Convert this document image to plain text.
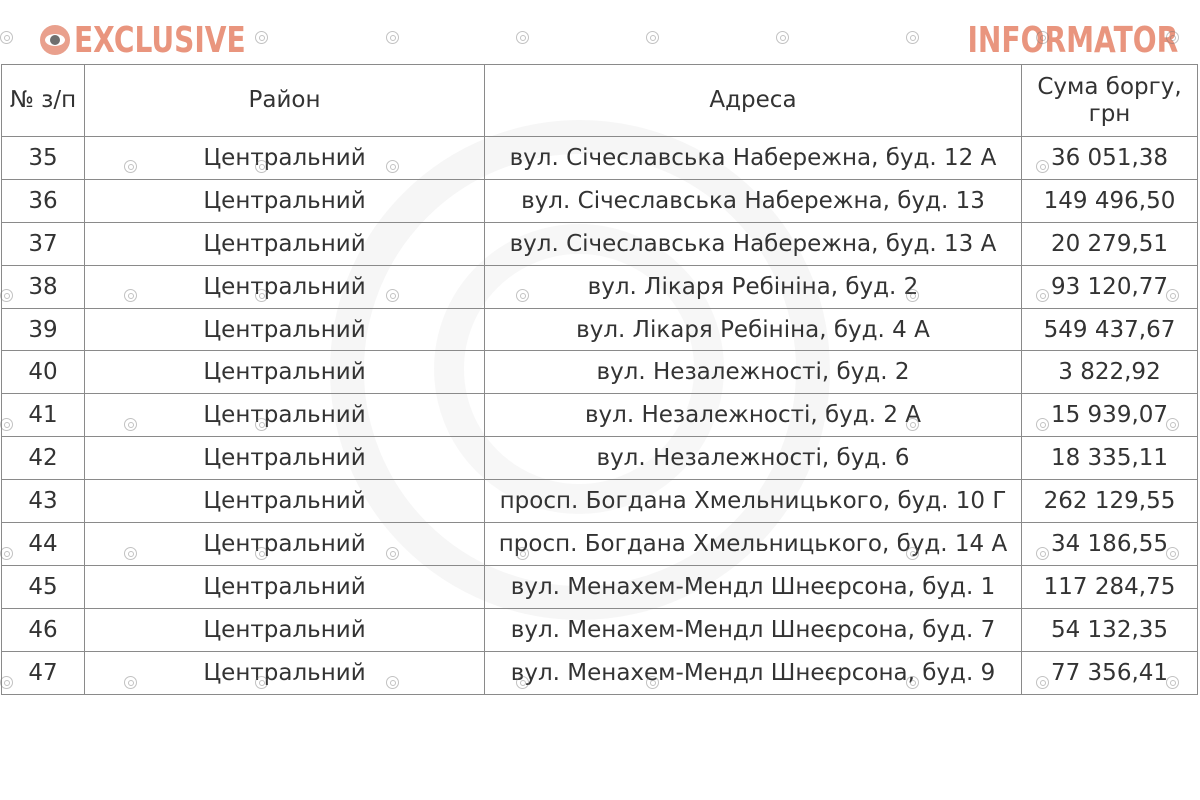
EXCLUSIVE	INFORMATOR
№ з/п	Район	Адреса	Сума боргу, грн
35	Центральний	вул. Січеславська Набережна, буд. 12 А	36 051,38
36	Центральний	вул. Січеславська Набережна, буд. 13	149 496,50
37	Центральний	вул. Січеславська Набережна, буд. 13 А	20 279,51
38	Центральний	вул. Лікаря Ребініна, буд. 2	93 120,77
39	Центральний	вул. Лікаря Ребініна, буд. 4 А	549 437,67
40	Центральний	вул. Незалежності, буд. 2	3 822,92
41	Центральний	вул. Незалежності, буд. 2 А	15 939,07
42	Центральний	вул. Незалежності, буд. 6	18 335,11
43	Центральний	просп. Богдана Хмельницького, буд. 10 Г	262 129,55
44	Центральний	просп. Богдана Хмельницького, буд. 14 А	34 186,55
45	Центральний	вул. Менахем-Мендл Шнеєрсона, буд. 1	117 284,75
46	Центральний	вул. Менахем-Мендл Шнеєрсона, буд. 7	54 132,35
47	Центральний	вул. Менахем-Мендл Шнеєрсона, буд. 9	77 356,41
